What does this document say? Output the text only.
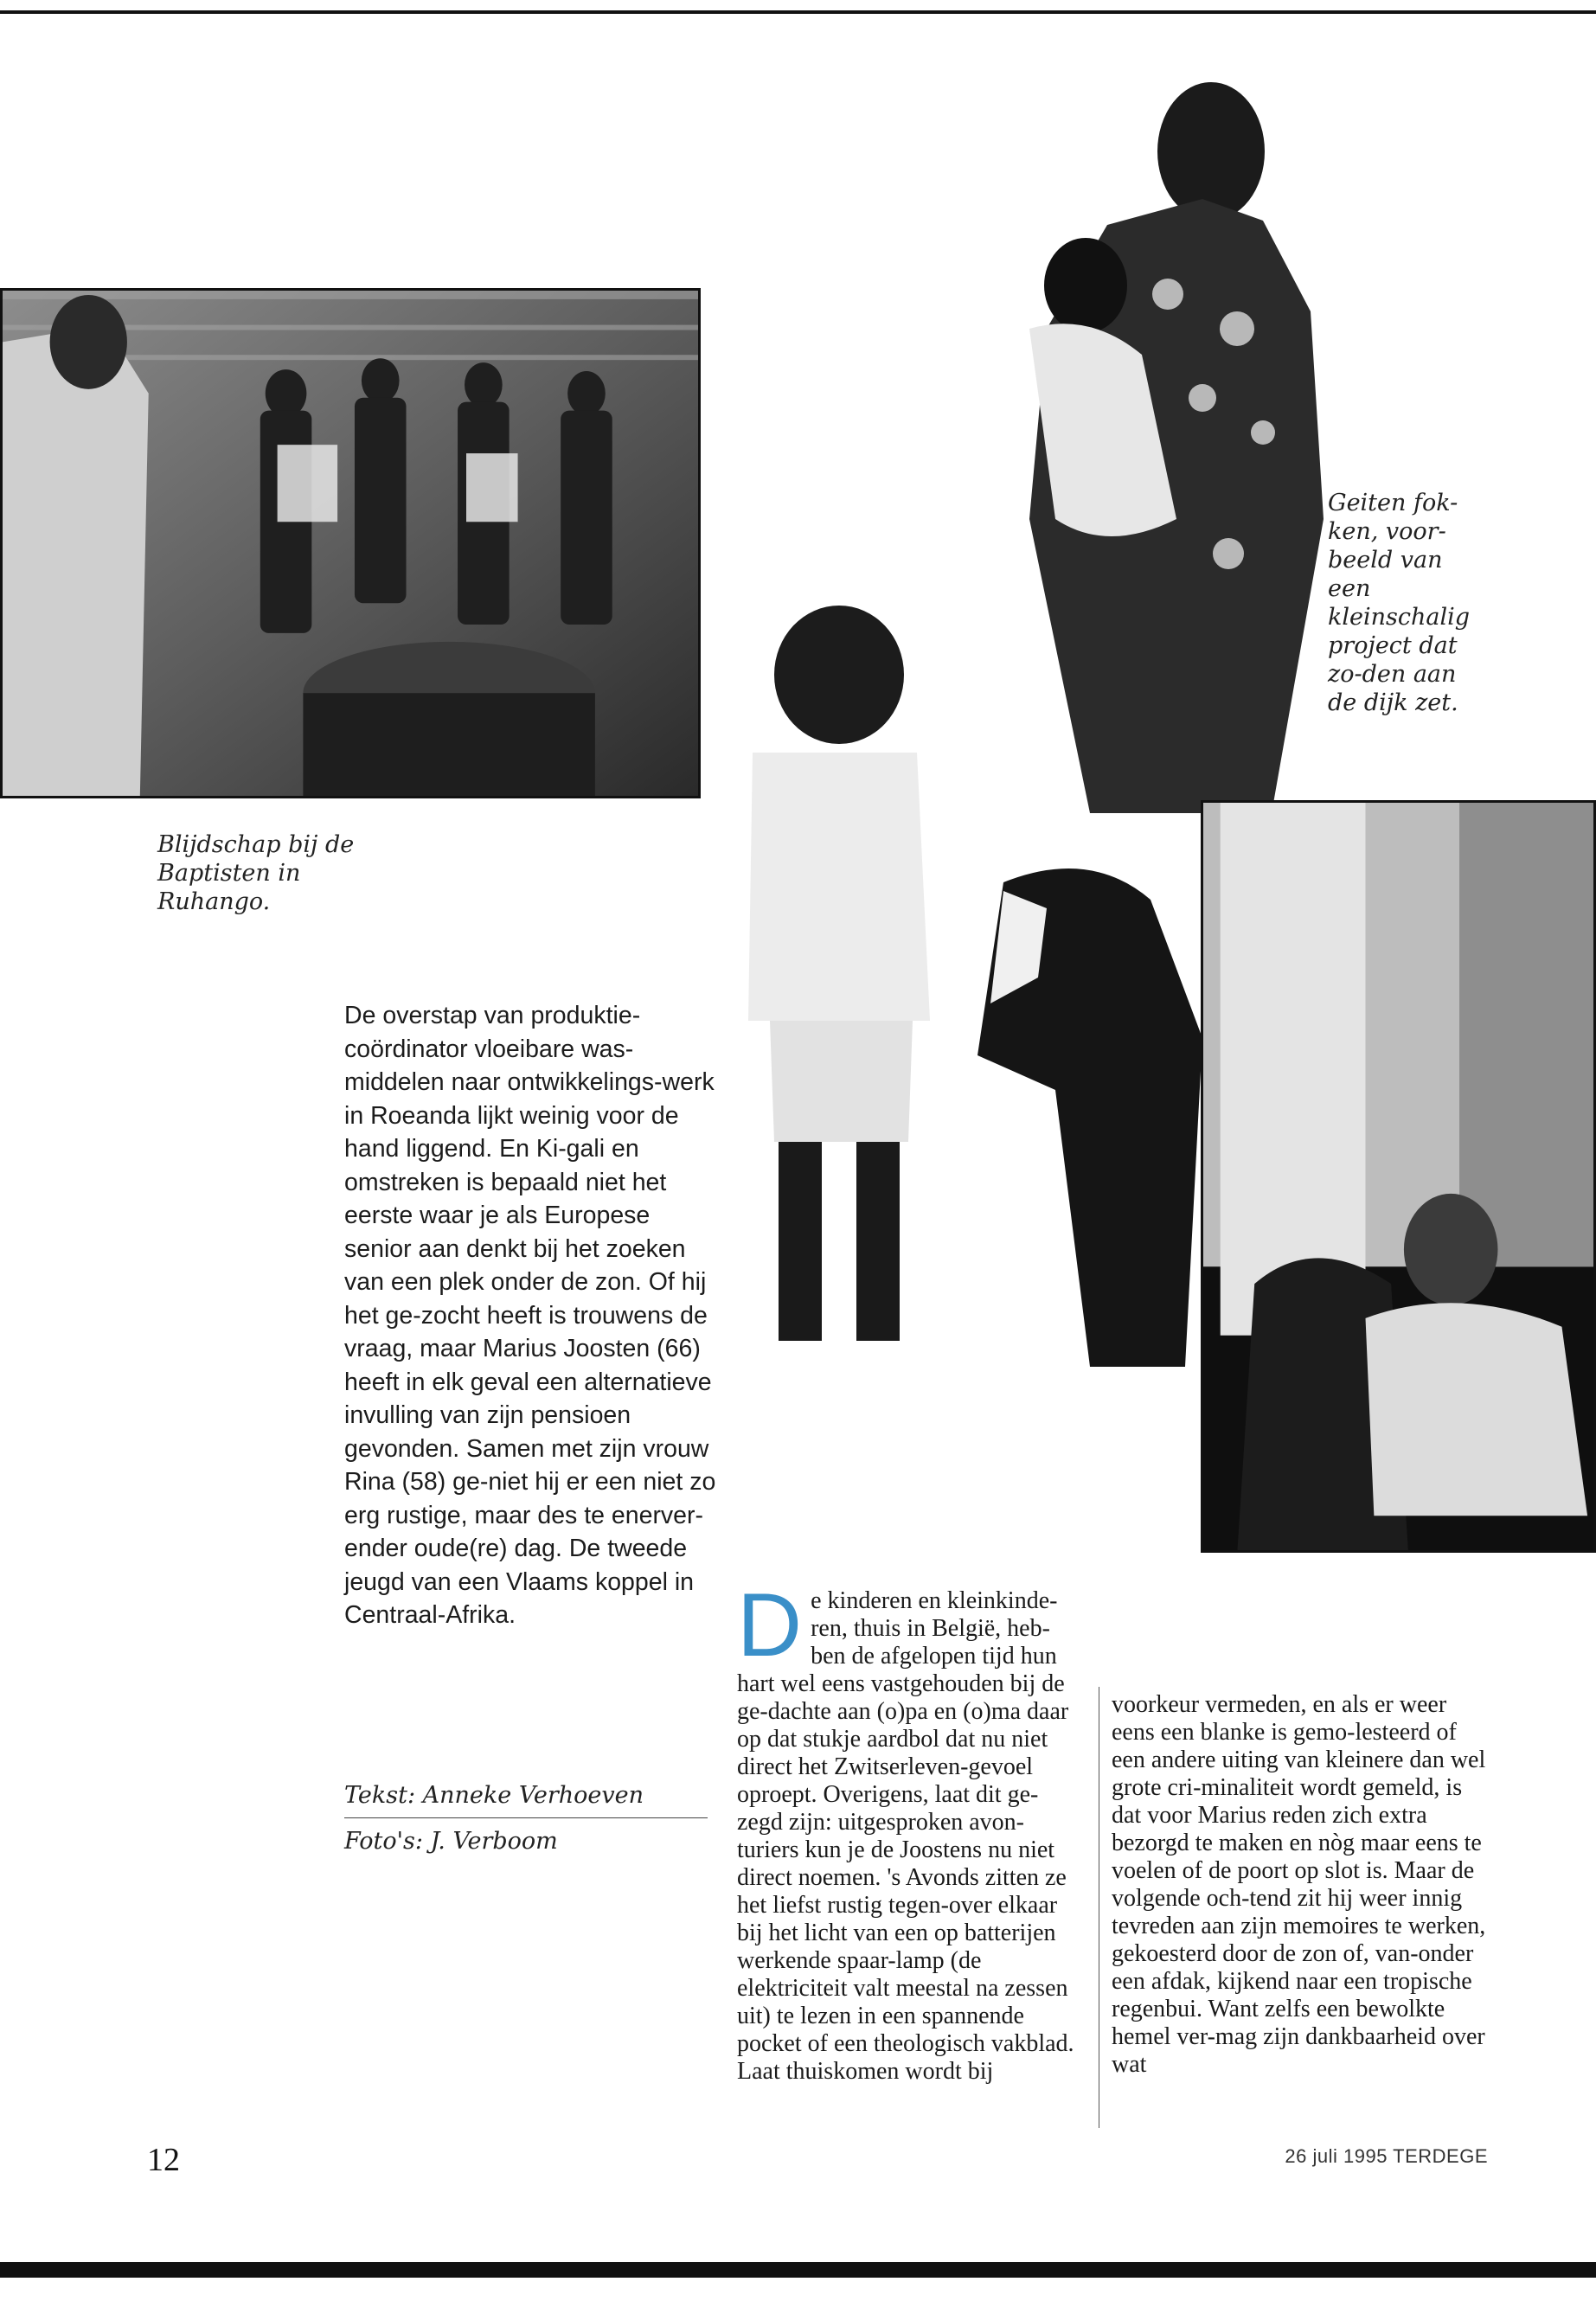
Blijdschap bij de Baptisten in Ruhango.
Geiten fok-ken, voor-beeld van een kleinschalig project dat zo-den aan de dijk zet.
De overstap van produktie-coördinator vloeibare was-middelen naar ontwikkelings-werk in Roeanda lijkt weinig voor de hand liggend. En Ki-gali en omstreken is bepaald niet het eerste waar je als Europese senior aan denkt bij het zoeken van een plek onder de zon. Of hij het ge-zocht heeft is trouwens de vraag, maar Marius Joosten (66) heeft in elk geval een alternatieve invulling van zijn pensioen gevonden. Samen met zijn vrouw Rina (58) ge-niet hij er een niet zo erg rustige, maar des te enerver-ender oude(re) dag. De tweede jeugd van een Vlaams koppel in Centraal-Afrika.
Tekst: Anneke Verhoeven
Foto's: J. Verboom
D e kinderen en kleinkinde-ren, thuis in België, heb-ben de afgelopen tijd hun hart wel eens vastgehouden bij de ge-dachte aan (o)pa en (o)ma daar op dat stukje aardbol dat nu niet direct het Zwitserleven-gevoel oproept. Overigens, laat dit ge-zegd zijn: uitgesproken avon-turiers kun je de Joostens nu niet direct noemen. 's Avonds zitten ze het liefst rustig tegen-over elkaar bij het licht van een op batterijen werkende spaar-lamp (de elektriciteit valt meestal na zessen uit) te lezen in een spannende pocket of een theologisch vakblad.

Laat thuiskomen wordt bij

voorkeur vermeden, en als er weer eens een blanke is gemo-lesteerd of een andere uiting van kleinere dan wel grote cri-minaliteit wordt gemeld, is dat voor Marius reden zich extra bezorgd te maken en nòg maar eens te voelen of de poort op slot is. Maar de volgende och-tend zit hij weer innig tevreden aan zijn memoires te werken, gekoesterd door de zon of, van-onder een afdak, kijkend naar een tropische regenbui. Want zelfs een bewolkte hemel ver-mag zijn dankbaarheid over wat

12	26 juli 1995 TERDEGE
